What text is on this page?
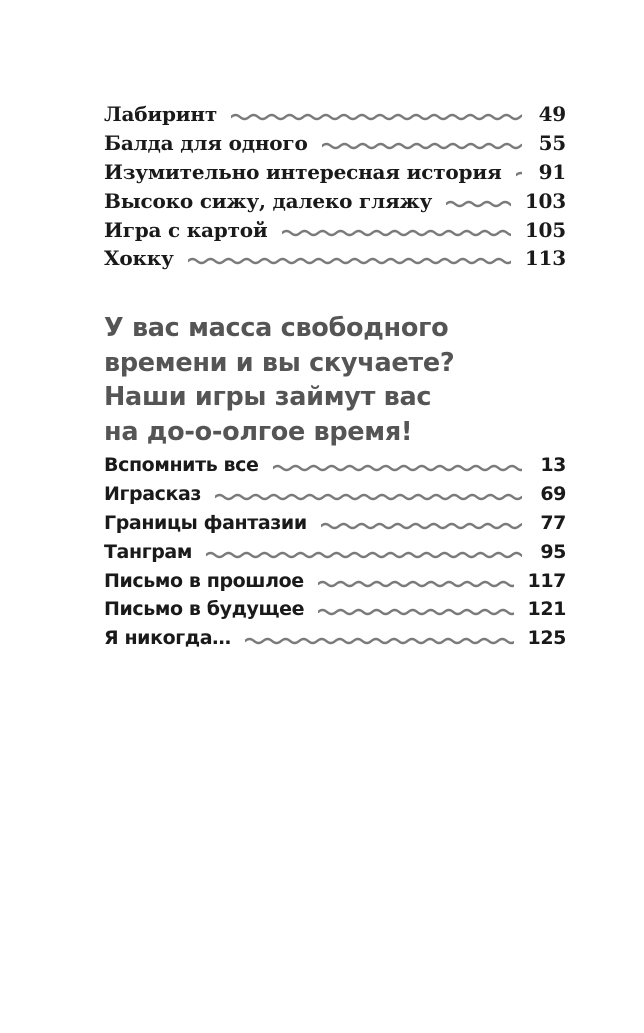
Лабиринт	49
Балда для одного	55
Изумительно интересная история 91
Высоко сижу, далеко гляжу	103
Игра с картой	105
Хокку	113
У вас масса свободного
времени и вы скучаете?
Наши игры займут вас
на до-о-олгое время!
Вспомнить все	13
Играсказ	69
Границы фантазии	77
Танграм	95
Письмо в прошлое	117
Письмо в будущее	121
Я никогда…	125
